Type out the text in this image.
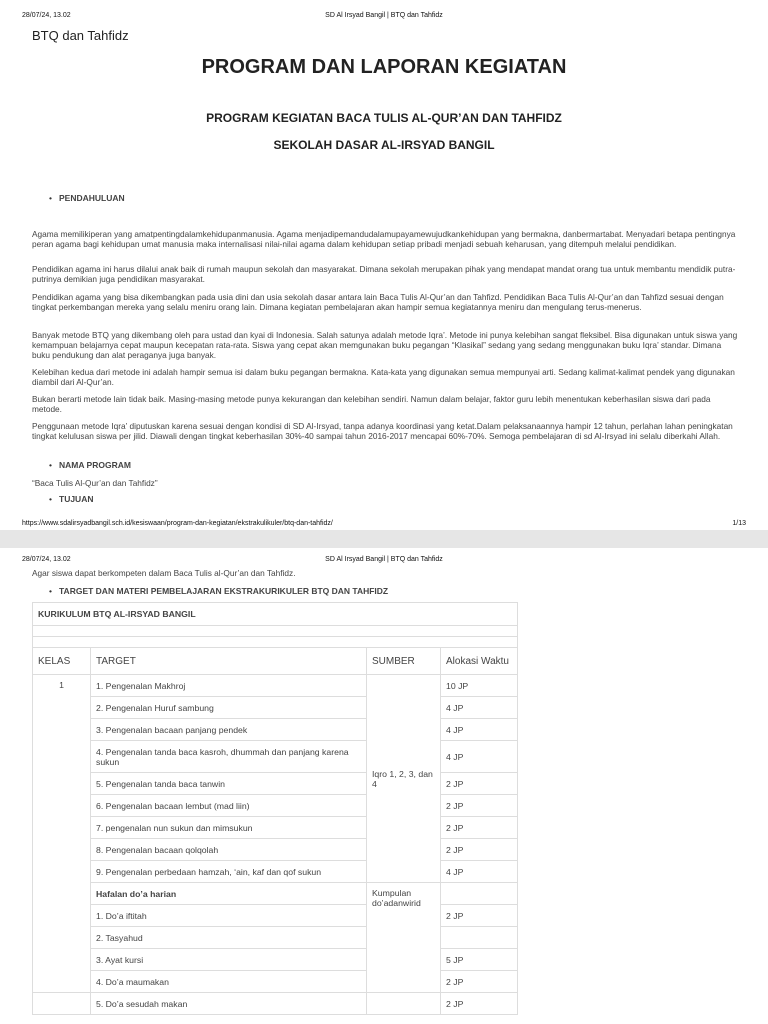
28/07/24, 13.02	SD Al Irsyad Bangil | BTQ dan Tahfidz
BTQ dan Tahfidz
PROGRAM DAN LAPORAN KEGIATAN
PROGRAM KEGIATAN BACA TULIS AL-QUR’AN DAN TAHFIDZ
SEKOLAH DASAR AL-IRSYAD BANGIL
• PENDAHULUAN
Agama memilikiperan yang amatpentingdalamkehidupanmanusia. Agama menjadipemandudalamupayamewujudkankehidupan yang bermakna, danbermartabat. Menyadari betapa pentingnya peran agama bagi kehidupan umat manusia maka internalisasi nilai-nilai agama dalam kehidupan setiap pribadi menjadi sebuah keharusan, yang ditempuh melalui pendidikan.
Pendidikan agama ini harus dilalui anak baik di rumah maupun sekolah dan masyarakat. Dimana sekolah merupakan pihak yang mendapat mandat orang tua untuk membantu mendidik putra-putrinya demikian juga pendidikan masyarakat.
Pendidikan agama yang bisa dikembangkan pada usia dini dan usia sekolah dasar antara lain Baca Tulis Al-Qur’an dan Tahfizd. Pendidikan Baca Tulis Al-Qur’an dan Tahfizd sesuai dengan tingkat perkembangan mereka yang selalu meniru orang lain. Dimana kegiatan pembelajaran akan hampir semua kegiatannya meniru dan mengulang terus-menerus.
Banyak metode BTQ yang dikembang oleh para ustad dan kyai di Indonesia. Salah satunya adalah metode Iqra’. Metode ini punya kelebihan sangat fleksibel. Bisa digunakan untuk siswa yang kemampuan belajarnya cepat maupun kecepatan rata-rata. Siswa yang cepat akan memgunakan buku pegangan “Klasikal” sedang yang sedang menggunakan buku Iqra’ standar. Dimana buku pendukung dan alat peraganya juga banyak.
Kelebihan kedua dari metode ini adalah hampir semua isi dalam buku pegangan bermakna. Kata-kata yang digunakan semua mempunyai arti. Sedang kalimat-kalimat pendek yang digunakan diambil dari Al-Qur’an.
Bukan berarti metode lain tidak baik. Masing-masing metode punya kekurangan dan kelebihan sendiri. Namun dalam belajar, faktor guru lebih menentukan keberhasilan siswa dari pada metode.
Penggunaan metode Iqra’ diputuskan karena sesuai dengan kondisi di SD Al-Irsyad, tanpa adanya koordinasi yang ketat.Dalam pelaksanaannya hampir 12 tahun, perlahan lahan peningkatan tingkat kelulusan siswa per jilid. Diawali dengan tingkat keberhasilan 30%-40 sampai tahun 2016-2017 mencapai 60%-70%. Semoga pembelajaran di sd Al-Irsyad ini selalu diberkahi Allah.
• NAMA PROGRAM
“Baca Tulis Al-Qur’an dan Tahfidz”
• TUJUAN
https://www.sdalirsyadbangil.sch.id/kesiswaan/program-dan-kegiatan/ekstrakulikuler/btq-dan-tahfidz/	1/13
28/07/24, 13.02	SD Al Irsyad Bangil | BTQ dan Tahfidz
Agar siswa dapat berkompeten dalam Baca Tulis al-Qur’an dan Tahfidz.
• TARGET DAN MATERI PEMBELAJARAN EKSTRAKURIKULER BTQ DAN TAHFIDZ
KURIKULUM BTQ AL-IRSYAD BANGIL			

KELAS	TARGET	SUMBER	Alokasi Waktu
1	1. Pengenalan Makhroj	Iqro 1, 2, 3, dan 4	10 JP
	2. Pengenalan Huruf sambung		4 JP
	3. Pengenalan bacaan panjang pendek		4 JP
	4. Pengenalan tanda baca kasroh, dhummah dan panjang karena sukun		4 JP
	5. Pengenalan tanda baca tanwin		2 JP
	6. Pengenalan bacaan lembut (mad liin)		2 JP
	7. pengenalan nun sukun dan mimsukun		2 JP
	8. Pengenalan bacaan qolqolah		2 JP
	9. Pengenalan perbedaan hamzah, ‘ain, kaf dan qof sukun		4 JP
	Hafalan do’a harian	Kumpulan do’adanwirid	
	1. Do’a iftitah		2 JP
	2. Tasyahud		
	3. Ayat kursi		5 JP
	4. Do’a maumakan		2 JP
	5. Do’a sesudah makan		2 JP
